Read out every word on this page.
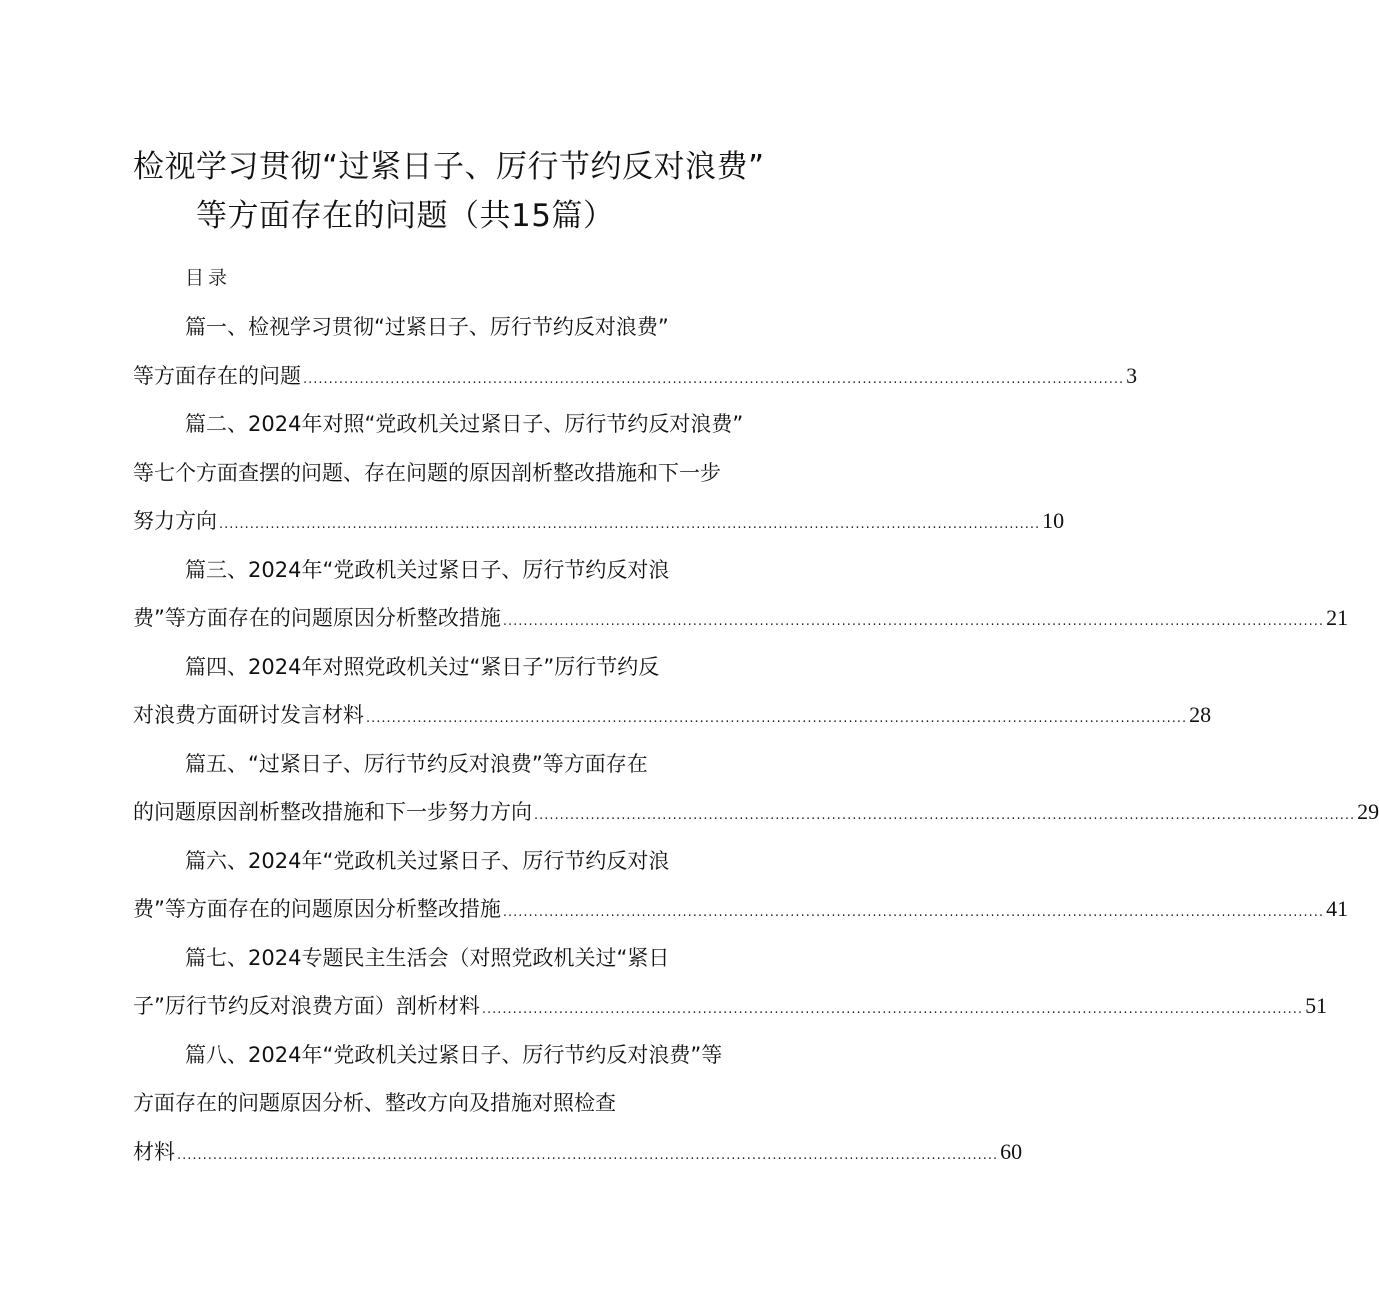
检视学习贯彻“过紧日子、厉行节约反对浪费”
等方面存在的问题（共15篇）
目录
篇一、检视学习贯彻“过紧日子、厉行节约反对浪费”
等方面存在的问题 ................................................................................................................................................................ 3
篇二、2024年对照“党政机关过紧日子、厉行节约反对浪费”
等七个方面查摆的问题、存在问题的原因剖析整改措施和下一步
努力方向 ................................................................................................................................................................ 10
篇三、2024年“党政机关过紧日子、厉行节约反对浪
费”等方面存在的问题原因分析整改措施 ................................................................................................................................................................ 21
篇四、2024年对照党政机关过“紧日子”厉行节约反
对浪费方面研讨发言材料 ................................................................................................................................................................ 28
篇五、“过紧日子、厉行节约反对浪费”等方面存在
的问题原因剖析整改措施和下一步努力方向 ................................................................................................................................................................ 29
篇六、2024年“党政机关过紧日子、厉行节约反对浪
费”等方面存在的问题原因分析整改措施 ................................................................................................................................................................ 41
篇七、2024专题民主生活会（对照党政机关过“紧日
子”厉行节约反对浪费方面）剖析材料 ................................................................................................................................................................ 51
篇八、2024年“党政机关过紧日子、厉行节约反对浪费”等
方面存在的问题原因分析、整改方向及措施对照检查
材料 ................................................................................................................................................................ 60
